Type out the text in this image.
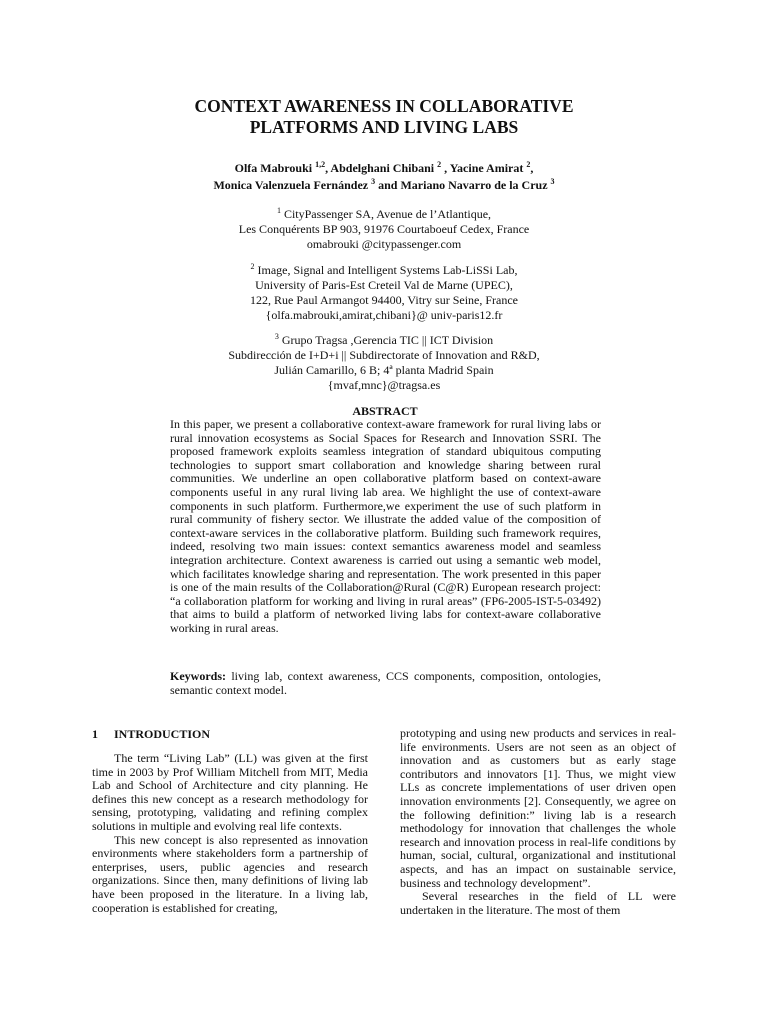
CONTEXT AWARENESS IN COLLABORATIVE
PLATFORMS AND LIVING LABS
Olfa Mabrouki $^{1,2}$, Abdelghani Chibani $^2$ , Yacine Amirat $^2$,
Monica Valenzuela Fernández $^3$ and Mariano Navarro de la Cruz $^3$
$^1$ CityPassenger SA, Avenue de l’Atlantique,
Les Conquérents BP 903, 91976 Courtaboeuf Cedex, France
omabrouki @citypassenger.com
$^2$ Image, Signal and Intelligent Systems Lab-LiSSi Lab,
University of Paris-Est Creteil Val de Marne (UPEC),
122, Rue Paul Armangot 94400, Vitry sur Seine, France
{olfa.mabrouki,amirat,chibani}@ univ-paris12.fr
$^3$ Grupo Tragsa ,Gerencia TIC || ICT Division
Subdirección de I+D+i || Subdirectorate of Innovation and R&D,
Julián Camarillo, 6 B; 4ª planta Madrid Spain
{mvaf,mnc}@tragsa.es
ABSTRACT
In this paper, we present a collaborative context-aware framework for rural living labs or rural innovation ecosystems as Social Spaces for Research and Innovation SSRI. The proposed framework exploits seamless integration of standard ubiquitous computing technologies to support smart collaboration and knowledge sharing between rural communities. We underline an open collaborative platform based on context-aware components useful in any rural living lab area. We highlight the use of context-aware components in such platform. Furthermore,we experiment the use of such platform in rural community of fishery sector. We illustrate the added value of the composition of context-aware services in the collaborative platform. Building such framework requires, indeed, resolving two main issues: context semantics awareness model and seamless integration architecture. Context awareness is carried out using a semantic web model, which facilitates knowledge sharing and representation. The work presented in this paper is one of the main results of the Collaboration@Rural (C@R) European research project: “a collaboration platform for working and living in rural areas” (FP6-2005-IST-5-03492) that aims to build a platform of networked living labs for context-aware collaborative working in rural areas.
Keywords: living lab, context awareness, CCS components, composition, ontologies, semantic context model.
1 INTRODUCTION

The term “Living Lab” (LL) was given at the first time in 2003 by Prof William Mitchell from MIT, Media Lab and School of Architecture and city planning. He defines this new concept as a research methodology for sensing, prototyping, validating and refining complex solutions in multiple and evolving real life contexts.

This new concept is also represented as innovation environments where stakeholders form a partnership of enterprises, users, public agencies and research organizations. Since then, many definitions of living lab have been proposed in the literature. In a living lab, cooperation is established for creating,

prototyping and using new products and services in real-life environments. Users are not seen as an object of innovation and as customers but as early stage contributors and innovators [1]. Thus, we might view LLs as concrete implementations of user driven open innovation environments [2]. Consequently, we agree on the following definition:” living lab is a research methodology for innovation that challenges the whole research and innovation process in real-life conditions by human, social, cultural, organizational and institutional aspects, and has an impact on sustainable service, business and technology development”.

Several researches in the field of LL were undertaken in the literature. The most of them
